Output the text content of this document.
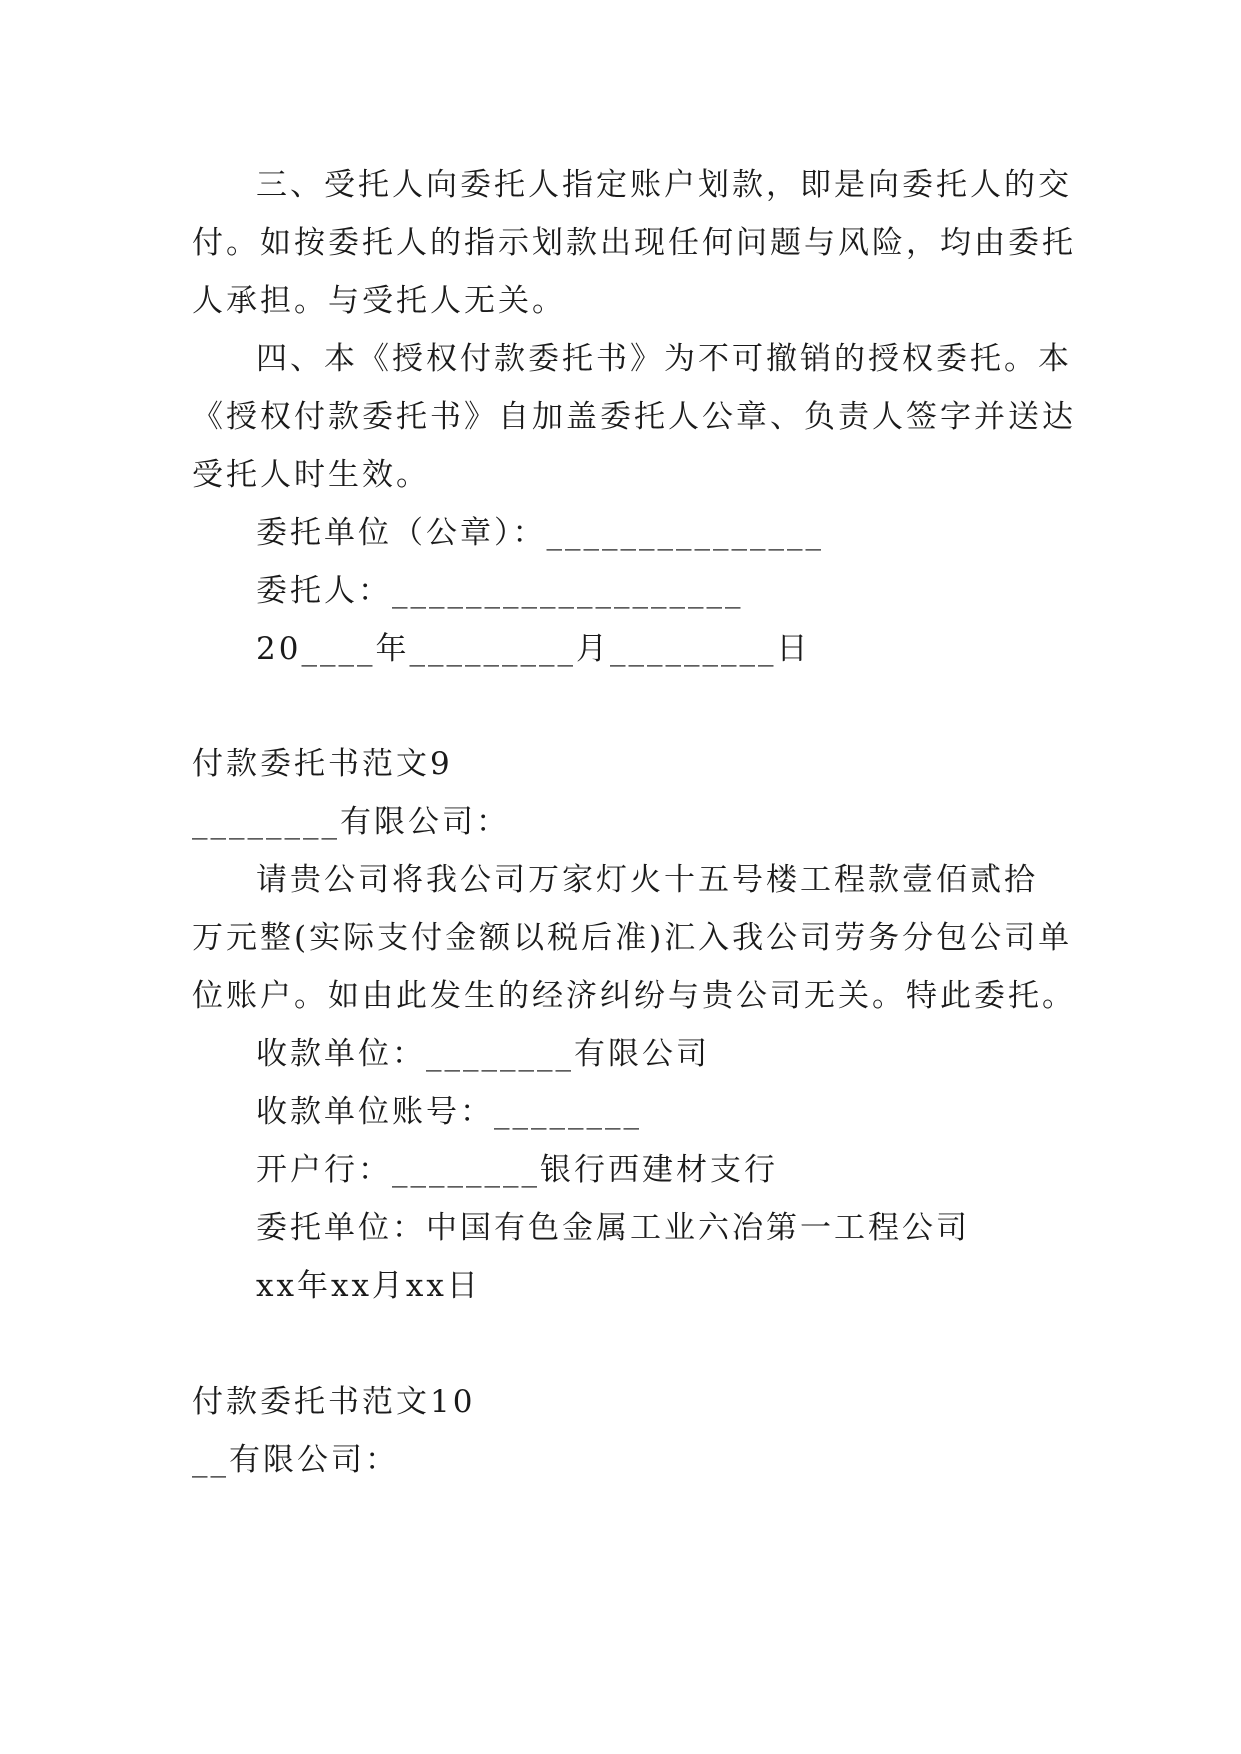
三、受托人向委托人指定账户划款，即是向委托人的交
付。如按委托人的指示划款出现任何问题与风险，均由委托
人承担。与受托人无关。
四、本《授权付款委托书》为不可撤销的授权委托。本
《授权付款委托书》自加盖委托人公章、负责人签字并送达
受托人时生效。
委托单位（公章）：_______________
委托人：___________________
20____年_________月_________日
付款委托书范文9
________有限公司：
请贵公司将我公司万家灯火十五号楼工程款壹佰贰拾
万元整(实际支付金额以税后准)汇入我公司劳务分包公司单
位账户。如由此发生的经济纠纷与贵公司无关。特此委托。
收款单位：________有限公司
收款单位账号：________
开户行：________银行西建材支行
委托单位：中国有色金属工业六冶第一工程公司
xx年xx月xx日
付款委托书范文10
__有限公司：
